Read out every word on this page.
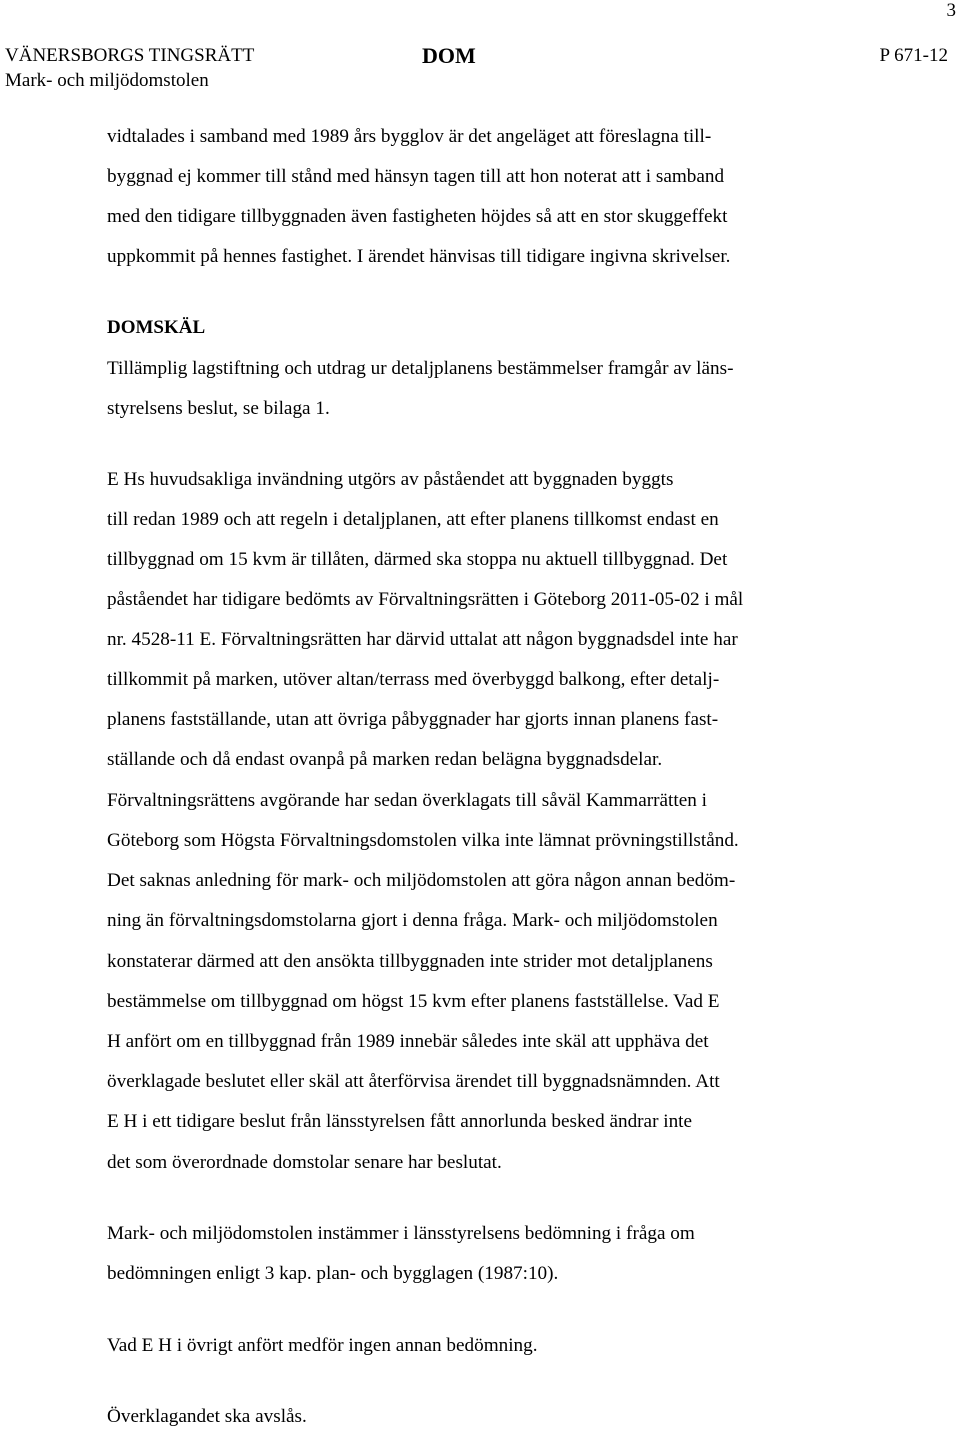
3
VÄNERSBORGS TINGSRÄTT
Mark- och miljödomstolen
DOM	P 671-12
vidtalades i samband med 1989 års bygglov är det angeläget att föreslagna till-
byggnad ej kommer till stånd med hänsyn tagen till att hon noterat att i samband
med den tidigare tillbyggnaden även fastigheten höjdes så att en stor skuggeffekt
uppkommit på hennes fastighet. I ärendet hänvisas till tidigare ingivna skrivelser.
DOMSKÄL
Tillämplig lagstiftning och utdrag ur detaljplanens bestämmelser framgår av läns-
styrelsens beslut, se bilaga 1.
E Hs huvudsakliga invändning utgörs av påståendet att byggnaden byggts
till redan 1989 och att regeln i detaljplanen, att efter planens tillkomst endast en
tillbyggnad om 15 kvm är tillåten, därmed ska stoppa nu aktuell tillbyggnad. Det
påståendet har tidigare bedömts av Förvaltningsrätten i Göteborg 2011-05-02 i mål
nr. 4528-11 E. Förvaltningsrätten har därvid uttalat att någon byggnadsdel inte har
tillkommit på marken, utöver altan/terrass med överbyggd balkong, efter detalj-
planens fastställande, utan att övriga påbyggnader har gjorts innan planens fast-
ställande och då endast ovanpå på marken redan belägna byggnadsdelar.
Förvaltningsrättens avgörande har sedan överklagats till såväl Kammarrätten i
Göteborg som Högsta Förvaltningsdomstolen vilka inte lämnat prövningstillstånd.
Det saknas anledning för mark- och miljödomstolen att göra någon annan bedöm-
ning än förvaltningsdomstolarna gjort i denna fråga. Mark- och miljödomstolen
konstaterar därmed att den ansökta tillbyggnaden inte strider mot detaljplanens
bestämmelse om tillbyggnad om högst 15 kvm efter planens fastställelse. Vad E
H anfört om en tillbyggnad från 1989 innebär således inte skäl att upphäva det
överklagade beslutet eller skäl att återförvisa ärendet till byggnadsnämnden. Att
E H i ett tidigare beslut från länsstyrelsen fått annorlunda besked ändrar inte
det som överordnade domstolar senare har beslutat.
Mark- och miljödomstolen instämmer i länsstyrelsens bedömning i fråga om
bedömningen enligt 3 kap. plan- och bygglagen (1987:10).
Vad E H i övrigt anfört medför ingen annan bedömning.
Överklagandet ska avslås.
